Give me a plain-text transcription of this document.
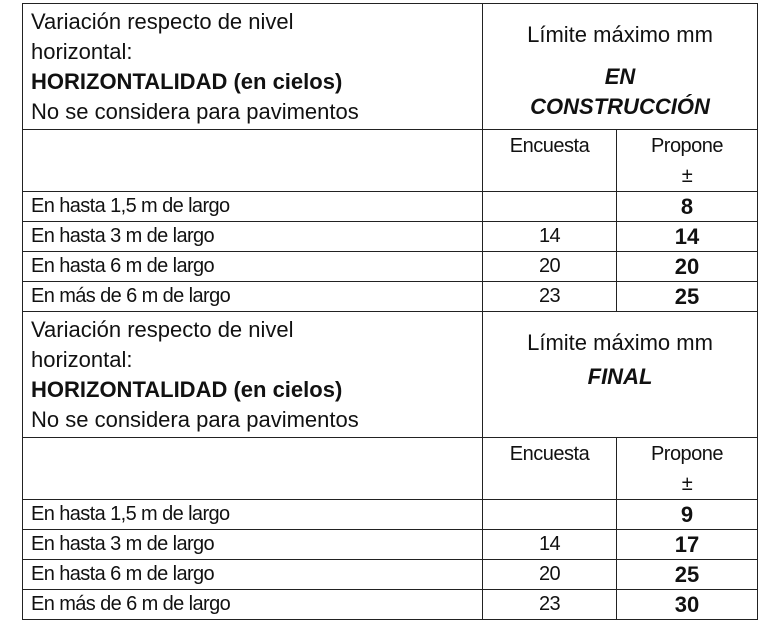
Variación respecto de nivel
horizontal:
HORIZONTALIDAD (en cielos)
No se considera para pavimentos	Límite máximo mm
EN
CONSTRUCCIÓN	

	Encuesta	Propone
±

En hasta 1,5 m de largo		8
En hasta 3 m de largo	14	14
En hasta 6 m de largo	20	20
En más de 6 m de largo	23	25

Variación respecto de nivel
horizontal:
HORIZONTALIDAD (en cielos)
No se considera para pavimentos	Límite máximo mm
FINAL	

	Encuesta	Propone
±

En hasta 1,5 m de largo		9
En hasta 3 m de largo	14	17
En hasta 6 m de largo	20	25
En más de 6 m de largo	23	30
